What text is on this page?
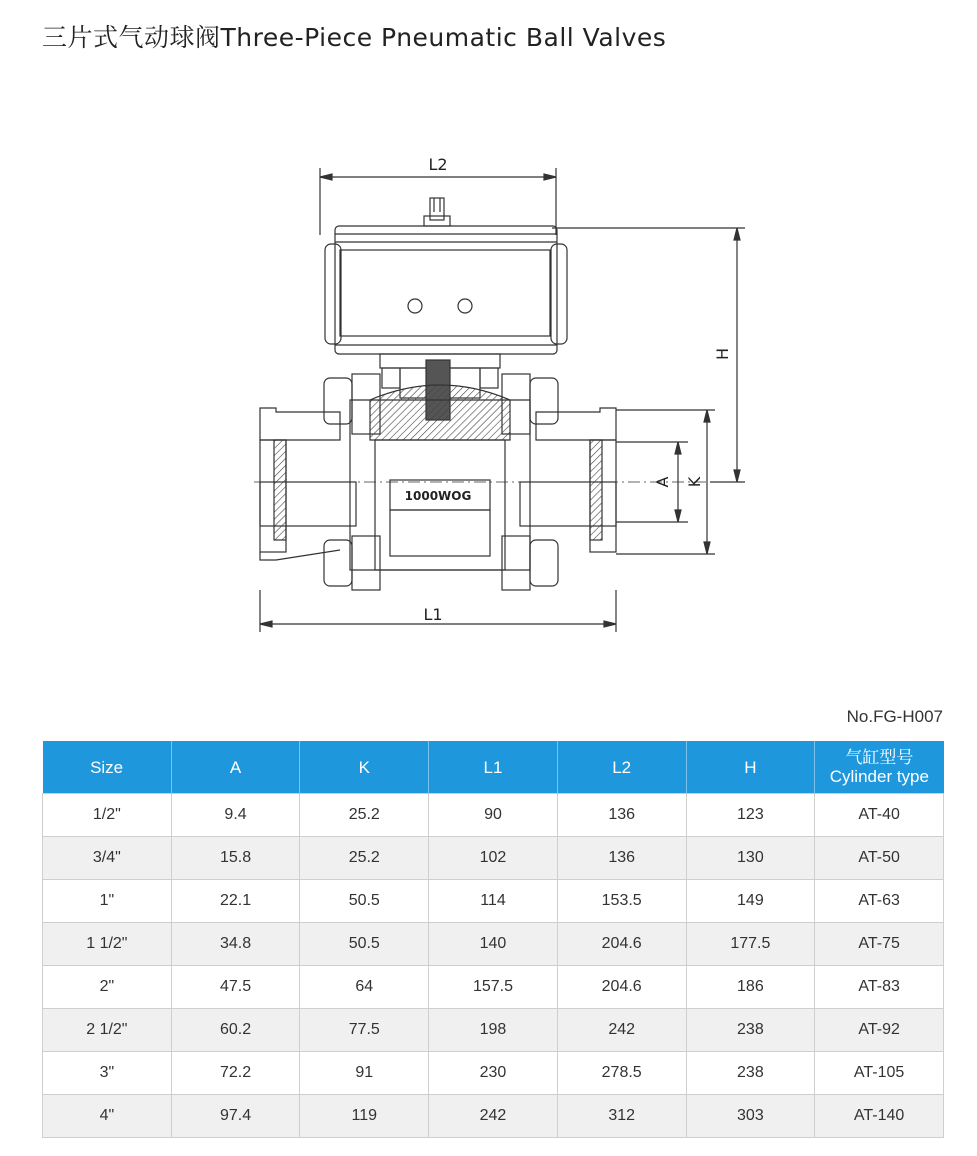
三片式气动球阀Three-Piece Pneumatic Ball Valves
L2
L1
H
A K
1000WOG
No.FG-H007
Size	A	K	L1	L2	H	气缸型号
Cylinder type

1/2"	9.4	25.2	90	136	123	AT-40
3/4"	15.8	25.2	102	136	130	AT-50
1"	22.1	50.5	114	153.5	149	AT-63
1 1/2"	34.8	50.5	140	204.6	177.5	AT-75
2"	47.5	64	157.5	204.6	186	AT-83
2 1/2"	60.2	77.5	198	242	238	AT-92
3"	72.2	91	230	278.5	238	AT-105
4"	97.4	119	242	312	303	AT-140
